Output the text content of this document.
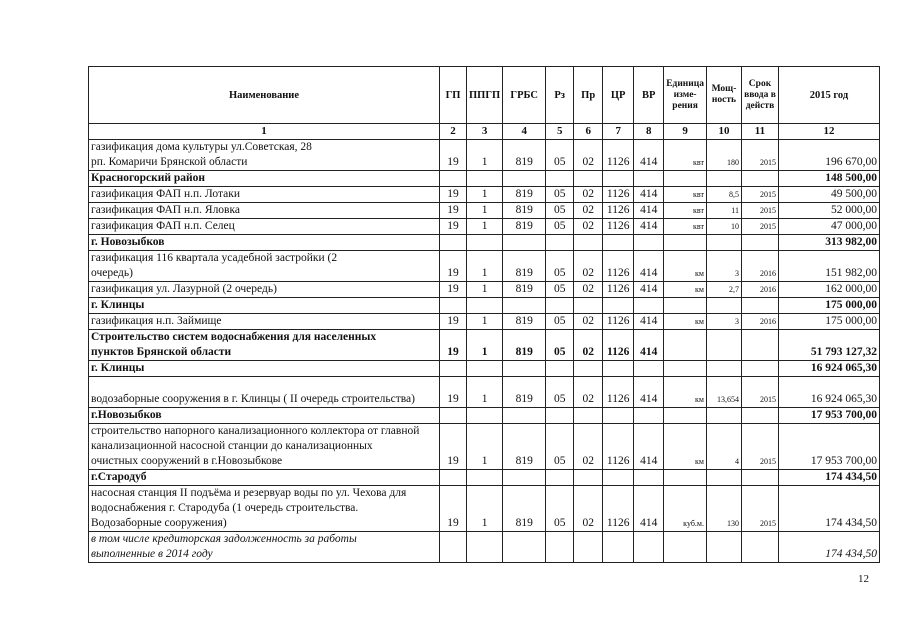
Наименование	ГП	ППГП	ГРБС	Рз	Пр	ЦР	ВР	Единица изме-рения	Мощ-ность	Срок ввода в действ	2015 год
1	2	3	4	5	6	7	8	9	10	11	12

газификация дома культуры ул.Советская, 28
рп. Комаричи Брянской области	19	1	819	05	02	1126	414	квт	180	2015	196 670,00

Красногорский район											148 500,00

газификация ФАП н.п. Лотаки	19	1	819	05	02	1126	414	квт	8,5	2015	49 500,00

газификация ФАП н.п. Яловка	19	1	819	05	02	1126	414	квт	11	2015	52 000,00

газификация ФАП н.п. Селец	19	1	819	05	02	1126	414	квт	10	2015	47 000,00

г. Новозыбков											313 982,00

газификация 116 квартала усадебной застройки (2
очередь)	19	1	819	05	02	1126	414	км	3	2016	151 982,00

газификация ул. Лазурной (2 очередь)	19	1	819	05	02	1126	414	км	2,7	2016	162 000,00

г. Клинцы											175 000,00

газификация н.п. Займище	19	1	819	05	02	1126	414	км	3	2016	175 000,00

Строительство систем водоснабжения для населенных
пунктов Брянской области	19	1	819	05	02	1126	414				51 793 127,32

г. Клинцы											16 924 065,30

водозаборные сооружения в г. Клинцы ( II очередь строительства)	19	1	819	05	02	1126	414	км	13,654	2015	16 924 065,30

г.Новозыбков											17 953 700,00

строительство напорного канализационного коллектора от главной
канализационной насосной станции до канализационных
очистных сооружений в г.Новозыбкове	19	1	819	05	02	1126	414	км	4	2015	17 953 700,00

г.Стародуб											174 434,50

насосная станция II подъёма и резервуар воды по ул. Чехова для
водоснабжения г. Стародуба (1 очередь строительства.
Водозаборные сооружения)	19	1	819	05	02	1126	414	куб.м.	130	2015	174 434,50

в том числе кредиторская задолженность за работы
выполненные в 2014 году											174 434,50
12
